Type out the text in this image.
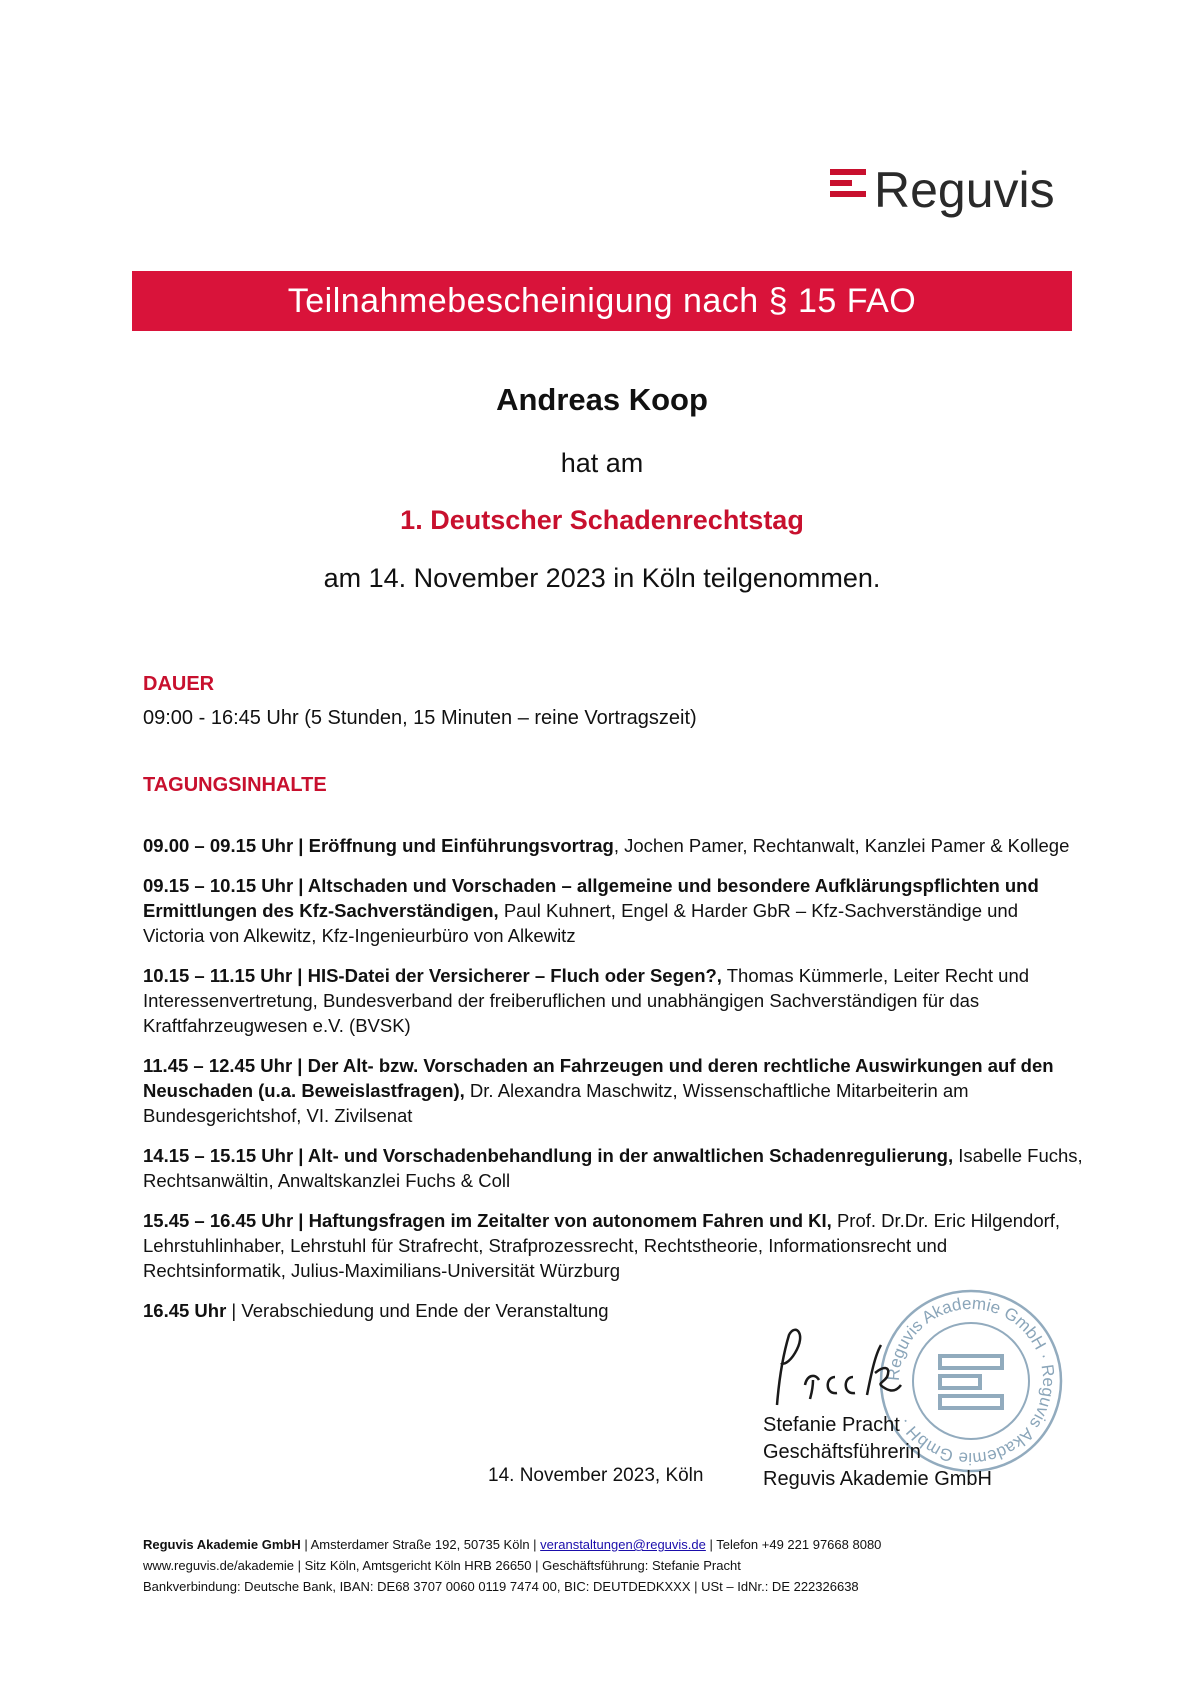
Reguvis
Teilnahmebescheinigung nach § 15 FAO
Andreas Koop
hat am
1. Deutscher Schadenrechtstag
am 14. November 2023 in Köln teilgenommen.
DAUER
09:00 - 16:45 Uhr (5 Stunden, 15 Minuten – reine Vortragszeit)
TAGUNGSINHALTE
09.00 – 09.15 Uhr | Eröffnung und Einführungsvortrag, Jochen Pamer, Rechtanwalt, Kanzlei Pamer & Kollege
09.15 – 10.15 Uhr | Altschaden und Vorschaden – allgemeine und besondere Aufklärungspflichten und Ermittlungen des Kfz-Sachverständigen, Paul Kuhnert, Engel & Harder GbR – Kfz-Sachverständige und Victoria von Alkewitz, Kfz-Ingenieurbüro von Alkewitz
10.15 – 11.15 Uhr | HIS-Datei der Versicherer – Fluch oder Segen?, Thomas Kümmerle, Leiter Recht und Interessenvertretung, Bundesverband der freiberuflichen und unabhängigen Sachverständigen für das Kraftfahrzeugwesen e.V. (BVSK)
11.45 – 12.45 Uhr | Der Alt- bzw. Vorschaden an Fahrzeugen und deren rechtliche Auswirkungen auf den Neuschaden (u.a. Beweislastfragen), Dr. Alexandra Maschwitz, Wissenschaftliche Mitarbeiterin am Bundesgerichtshof, VI. Zivilsenat
14.15 – 15.15 Uhr | Alt- und Vorschadenbehandlung in der anwaltlichen Schadenregulierung, Isabelle Fuchs, Rechtsanwältin, Anwaltskanzlei Fuchs & Coll
15.45 – 16.45 Uhr | Haftungsfragen im Zeitalter von autonomem Fahren und KI, Prof. Dr.Dr. Eric Hilgendorf, Lehrstuhlinhaber, Lehrstuhl für Strafrecht, Strafprozessrecht, Rechtstheorie, Informationsrecht und Rechtsinformatik, Julius-Maximilians-Universität Würzburg
16.45 Uhr | Verabschiedung und Ende der Veranstaltung
Reguvis Akademie GmbH · Reguvis Akademie GmbH ·
Stefanie Pracht
Geschäftsführerin
Reguvis Akademie GmbH
14. November 2023, Köln
Reguvis Akademie GmbH | Amsterdamer Straße 192, 50735 Köln | veranstaltungen@reguvis.de | Telefon +49 221 97668 8080
www.reguvis.de/akademie | Sitz Köln, Amtsgericht Köln HRB 26650 | Geschäftsführung: Stefanie Pracht
Bankverbindung: Deutsche Bank, IBAN: DE68 3707 0060 0119 7474 00, BIC: DEUTDEDKXXX | USt – IdNr.: DE 222326638
